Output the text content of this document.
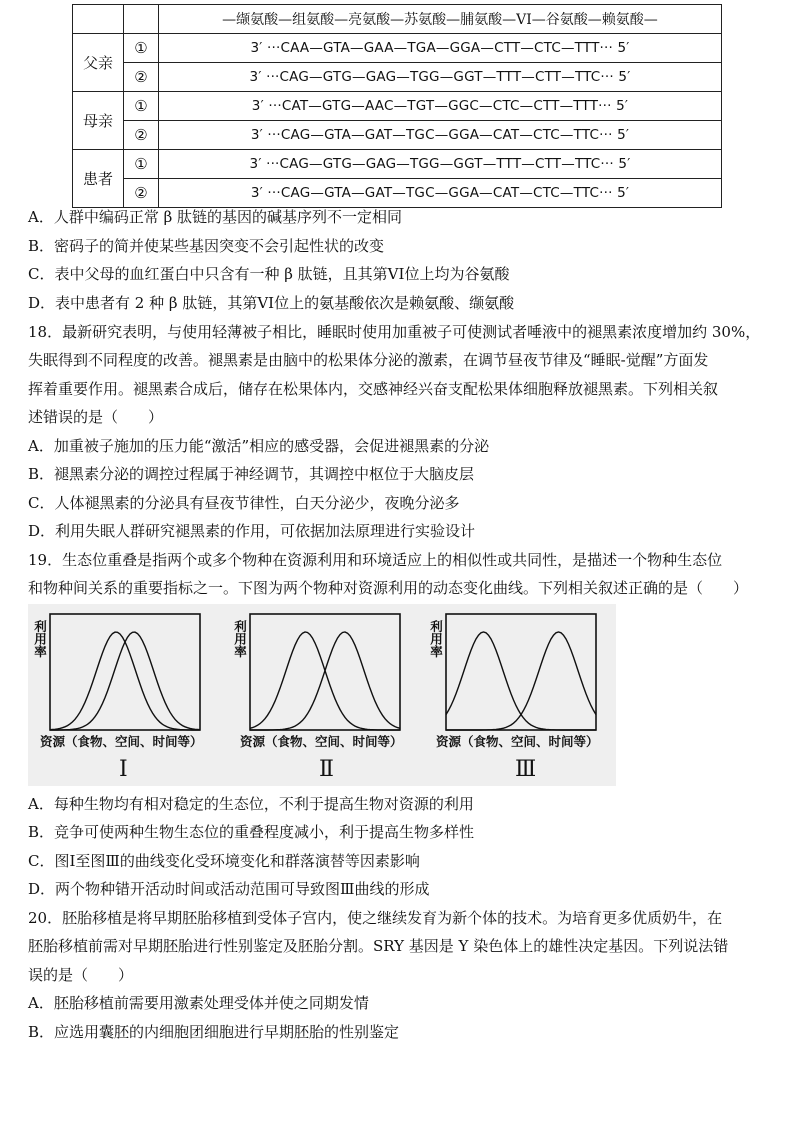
		—缬氨酸—组氨酸—亮氨酸—苏氨酸—脯氨酸—VI—谷氨酸—赖氨酸—
父亲	①	3′ ···CAA—GTA—GAA—TGA—GGA—CTT—CTC—TTT··· 5′
	②	3′ ···CAG—GTG—GAG—TGG—GGT—TTT—CTT—TTC··· 5′
母亲	①	3′ ···CAT—GTG—AAC—TGT—GGC—CTC—CTT—TTT··· 5′
	②	3′ ···CAG—GTA—GAT—TGC—GGA—CAT—CTC—TTC··· 5′
患者	①	3′ ···CAG—GTG—GAG—TGG—GGT—TTT—CTT—TTC··· 5′
	②	3′ ···CAG—GTA—GAT—TGC—GGA—CAT—CTC—TTC··· 5′
A．人群中编码正常 β 肽链的基因的碱基序列不一定相同
B．密码子的简并使某些基因突变不会引起性状的改变
C．表中父母的血红蛋白中只含有一种 β 肽链，且其第VI位上均为谷氨酸
D．表中患者有 2 种 β 肽链，其第VI位上的氨基酸依次是赖氨酸、缬氨酸
18．最新研究表明，与使用轻薄被子相比，睡眠时使用加重被子可使测试者唾液中的褪黑素浓度增加约 30%，
失眠得到不同程度的改善。褪黑素是由脑中的松果体分泌的激素，在调节昼夜节律及“睡眠-觉醒”方面发
挥着重要作用。褪黑素合成后，储存在松果体内，交感神经兴奋支配松果体细胞释放褪黑素。下列相关叙
述错误的是（　　）
A．加重被子施加的压力能“激活”相应的感受器，会促进褪黑素的分泌
B．褪黑素分泌的调控过程属于神经调节，其调控中枢位于大脑皮层
C．人体褪黑素的分泌具有昼夜节律性，白天分泌少，夜晚分泌多
D．利用失眠人群研究褪黑素的作用，可依据加法原理进行实验设计
19．生态位重叠是指两个或多个物种在资源利用和环境适应上的相似性或共同性，是描述一个物种生态位
和物种间关系的重要指标之一。下图为两个物种对资源利用的动态变化曲线。下列相关叙述正确的是（　　）
利用率
资源（食物、空间、时间等）
Ⅰ
利用率
资源（食物、空间、时间等）
Ⅱ
利用率
资源（食物、空间、时间等）
Ⅲ
A．每种生物均有相对稳定的生态位，不利于提高生物对资源的利用
B．竞争可使两种生物生态位的重叠程度减小，利于提高生物多样性
C．图Ⅰ至图Ⅲ的曲线变化受环境变化和群落演替等因素影响
D．两个物种错开活动时间或活动范围可导致图Ⅲ曲线的形成
20．胚胎移植是将早期胚胎移植到受体子宫内，使之继续发育为新个体的技术。为培育更多优质奶牛，在
胚胎移植前需对早期胚胎进行性别鉴定及胚胎分割。SRY 基因是 Y 染色体上的雄性决定基因。下列说法错
误的是（　　）
A．胚胎移植前需要用激素处理受体并使之同期发情
B．应选用囊胚的内细胞团细胞进行早期胚胎的性别鉴定
